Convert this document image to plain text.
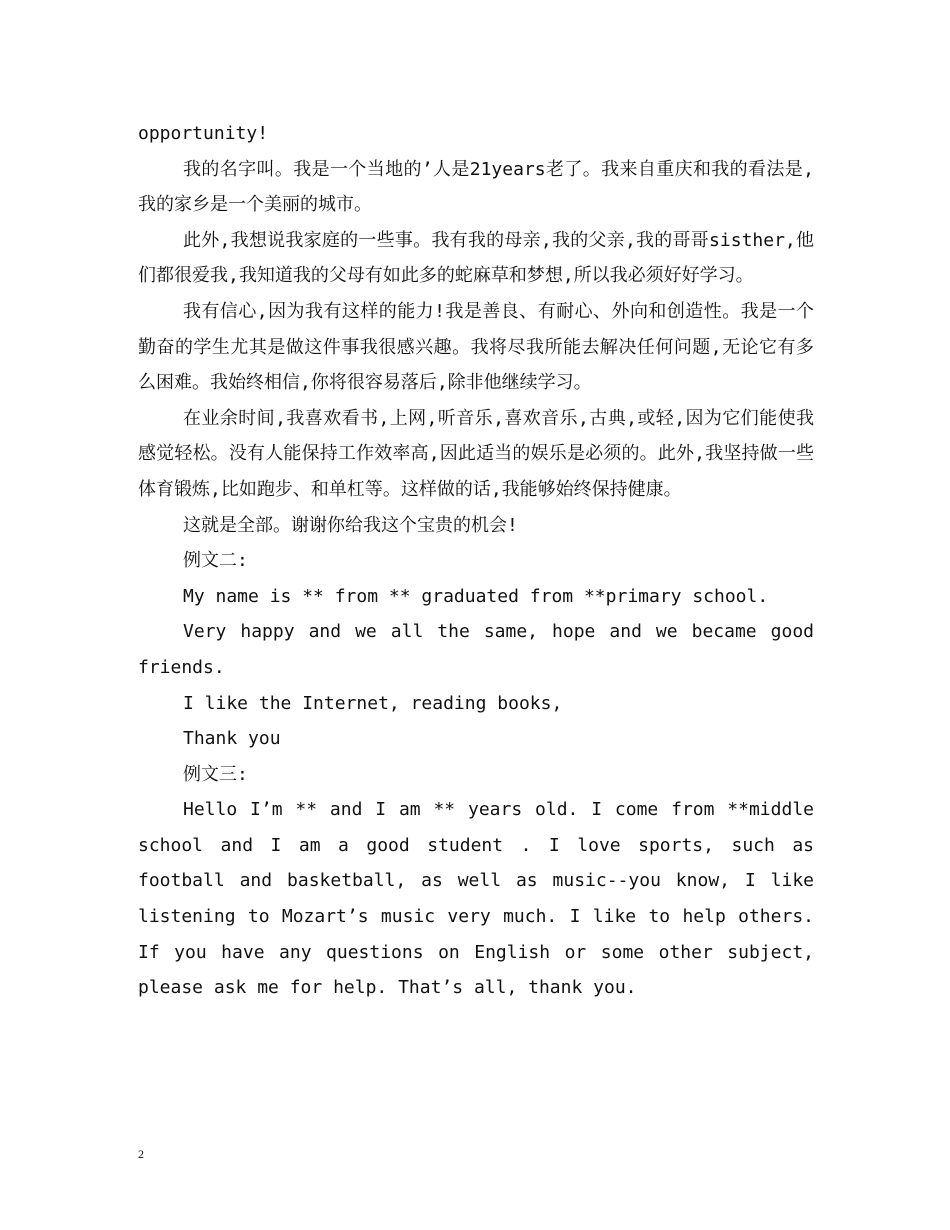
opportunity!

我的名字叫。我是一个当地的’人是21years老了。我来自重庆和我的看法是,我的家乡是一个美丽的城市。

此外,我想说我家庭的一些事。我有我的母亲,我的父亲,我的哥哥sisther,他们都很爱我,我知道我的父母有如此多的蛇麻草和梦想,所以我必须好好学习。

我有信心,因为我有这样的能力!我是善良、有耐心、外向和创造性。我是一个勤奋的学生尤其是做这件事我很感兴趣。我将尽我所能去解决任何问题,无论它有多么困难。我始终相信,你将很容易落后,除非他继续学习。

在业余时间,我喜欢看书,上网,听音乐,喜欢音乐,古典,或轻,因为它们能使我感觉轻松。没有人能保持工作效率高,因此适当的娱乐是必须的。此外,我坚持做一些体育锻炼,比如跑步、和单杠等。这样做的话,我能够始终保持健康。

这就是全部。谢谢你给我这个宝贵的机会!

例文二:

My name is ** from ** graduated from **primary school.

Very happy and we all the same, hope and we became good friends.

I like the Internet, reading books,

Thank you

例文三:

Hello I’m ** and I am ** years old. I come from **middle school and I am a good student . I love sports, such as football and basketball, as well as music--you know, I like listening to Mozart’s music very much. I like to help others. If you have any questions on English or some other subject, please ask me for help. That’s all, thank you.

2
